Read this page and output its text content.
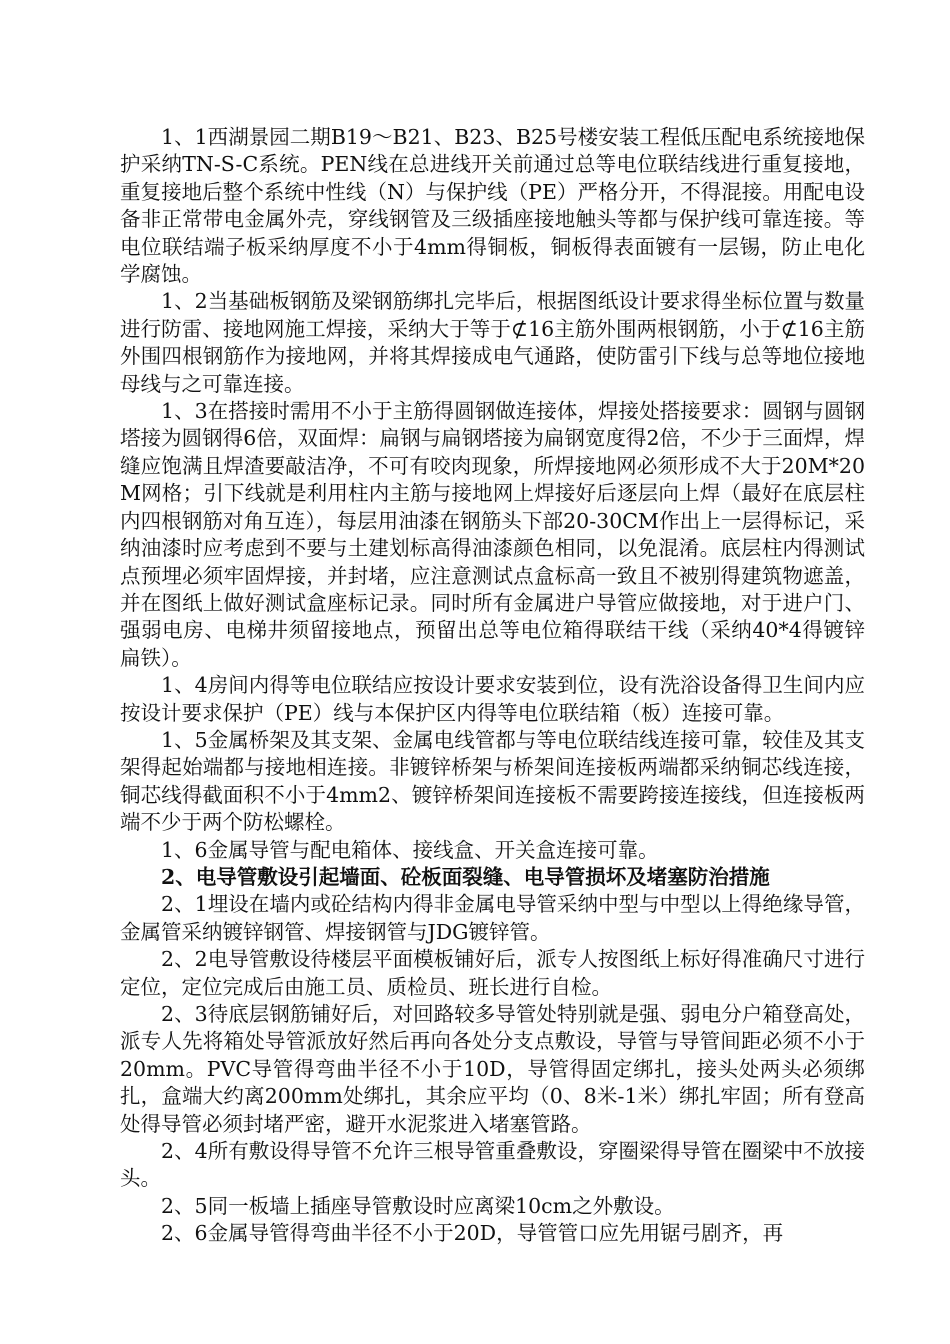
1、1西湖景园二期B19～B21、B23、B25号楼安装工程低压配电系统接地保护采纳TN-S-C系统。PEN线在总进线开关前通过总等电位联结线进行重复接地，重复接地后整个系统中性线（N）与保护线（PE）严格分开，不得混接。用配电设备非正常带电金属外壳，穿线钢管及三级插座接地触头等都与保护线可靠连接。等电位联结端子板采纳厚度不小于4mm得铜板，铜板得表面镀有一层锡，防止电化学腐蚀。

1、2当基础板钢筋及梁钢筋绑扎完毕后，根据图纸设计要求得坐标位置与数量进行防雷、接地网施工焊接，采纳大于等于⊄16主筋外围两根钢筋，小于⊄16主筋外围四根钢筋作为接地网，并将其焊接成电气通路，使防雷引下线与总等地位接地母线与之可靠连接。

1、3在搭接时需用不小于主筋得圆钢做连接体，焊接处搭接要求：圆钢与圆钢塔接为圆钢得6倍，双面焊：扁钢与扁钢塔接为扁钢宽度得2倍，不少于三面焊，焊缝应饱满且焊渣要敲洁净，不可有咬肉现象，所焊接地网必须形成不大于20M*20M网格；引下线就是利用柱内主筋与接地网上焊接好后逐层向上焊（最好在底层柱内四根钢筋对角互连），每层用油漆在钢筋头下部20-30CM作出上一层得标记，采纳油漆时应考虑到不要与土建划标高得油漆颜色相同，以免混淆。底层柱内得测试点预埋必须牢固焊接，并封堵，应注意测试点盒标高一致且不被别得建筑物遮盖，并在图纸上做好测试盒座标记录。同时所有金属进户导管应做接地，对于进户门、强弱电房、电梯井须留接地点，预留出总等电位箱得联结干线（采纳40*4得镀锌扁铁）。

1、4房间内得等电位联结应按设计要求安装到位，设有洗浴设备得卫生间内应按设计要求保护（PE）线与本保护区内得等电位联结箱（板）连接可靠。

1、5金属桥架及其支架、金属电线管都与等电位联结线连接可靠，较佳及其支架得起始端都与接地相连接。非镀锌桥架与桥架间连接板两端都采纳铜芯线连接，铜芯线得截面积不小于4mm2、镀锌桥架间连接板不需要跨接连接线，但连接板两端不少于两个防松螺栓。

1、6金属导管与配电箱体、接线盒、开关盒连接可靠。

2、电导管敷设引起墙面、砼板面裂缝、电导管损坏及堵塞防治措施

2、1埋设在墙内或砼结构内得非金属电导管采纳中型与中型以上得绝缘导管，金属管采纳镀锌钢管、焊接钢管与JDG镀锌管。

2、2电导管敷设待楼层平面模板铺好后，派专人按图纸上标好得准确尺寸进行定位，定位完成后由施工员、质检员、班长进行自检。

2、3待底层钢筋铺好后，对回路较多导管处特别就是强、弱电分户箱登高处，派专人先将箱处导管派放好然后再向各处分支点敷设，导管与导管间距必须不小于20mm。PVC导管得弯曲半径不小于10D，导管得固定绑扎，接头处两头必须绑扎，盒端大约离200mm处绑扎，其余应平均（0、8米-1米）绑扎牢固；所有登高处得导管必须封堵严密，避开水泥浆进入堵塞管路。

2、4所有敷设得导管不允许三根导管重叠敷设，穿圈梁得导管在圈梁中不放接头。

2、5同一板墙上插座导管敷设时应离梁10cm之外敷设。

2、6金属导管得弯曲半径不小于20D，导管管口应先用锯弓剧齐，再
